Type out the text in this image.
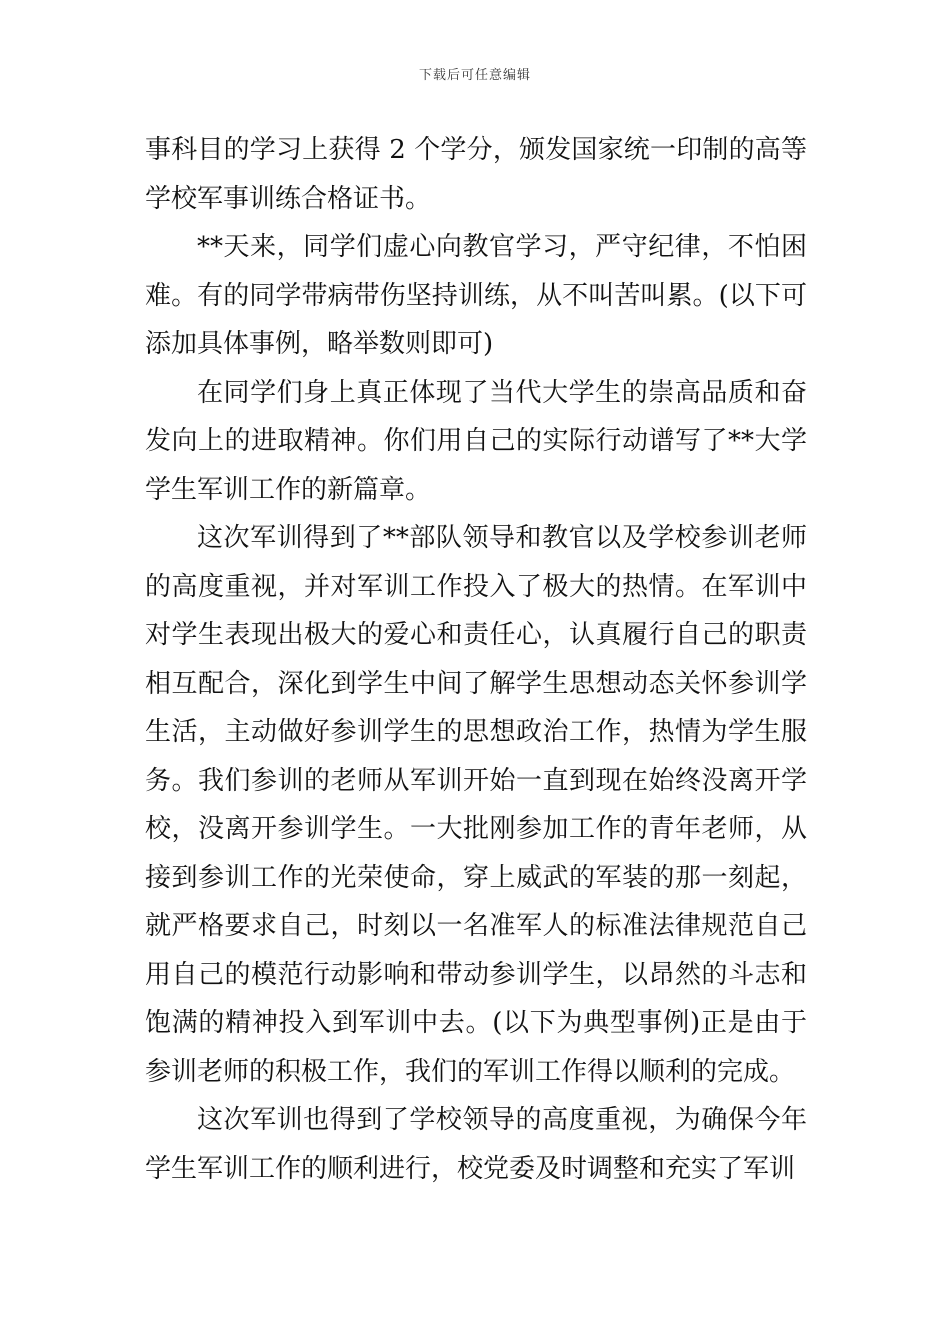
下载后可任意编辑

事科目的学习上获得 2 个学分，颁发国家统一印制的高等学校军事训练合格证书。

**天来，同学们虚心向教官学习，严守纪律，不怕困难。有的同学带病带伤坚持训练，从不叫苦叫累。(以下可添加具体事例，略举数则即可)

在同学们身上真正体现了当代大学生的崇高品质和奋发向上的进取精神。你们用自己的实际行动谱写了**大学学生军训工作的新篇章。

这次军训得到了**部队领导和教官以及学校参训老师的高度重视，并对军训工作投入了极大的热情。在军训中对学生表现出极大的爱心和责任心，认真履行自己的职责相互配合，深化到学生中间了解学生思想动态关怀参训学生活，主动做好参训学生的思想政治工作，热情为学生服务。我们参训的老师从军训开始一直到现在始终没离开学校，没离开参训学生。一大批刚参加工作的青年老师，从接到参训工作的光荣使命，穿上威武的军装的那一刻起，就严格要求自己，时刻以一名准军人的标准法律规范自己用自己的模范行动影响和带动参训学生，以昂然的斗志和饱满的精神投入到军训中去。(以下为典型事例)正是由于参训老师的积极工作，我们的军训工作得以顺利的完成。

这次军训也得到了学校领导的高度重视，为确保今年学生军训工作的顺利进行，校党委及时调整和充实了军训
